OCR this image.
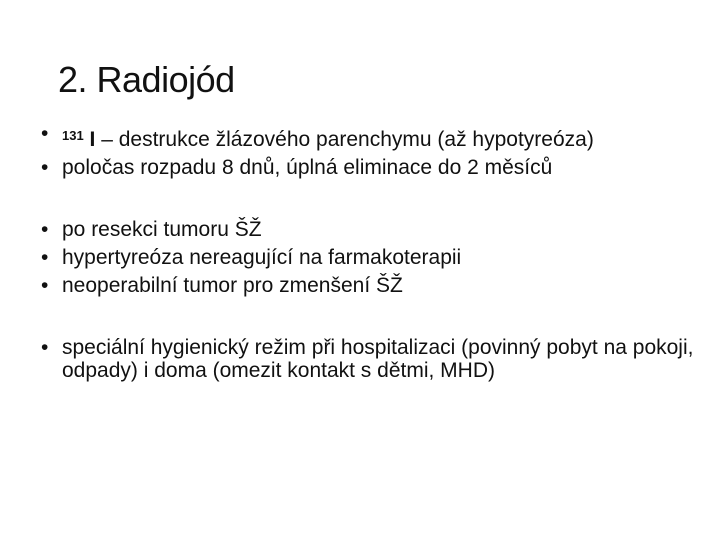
2. Radiojód
• $^{131}$ I – destrukce žlázového parenchymu (až hypotyreóza)
• poločas rozpadu 8 dnů, úplná eliminace do 2 měsíců
• po resekci tumoru ŠŽ
• hypertyreóza nereagující na farmakoterapii
• neoperabilní tumor pro zmenšení ŠŽ
• speciální hygienický režim při hospitalizaci (povinný pobyt na pokoji, odpady) i doma (omezit kontakt s dětmi, MHD)
